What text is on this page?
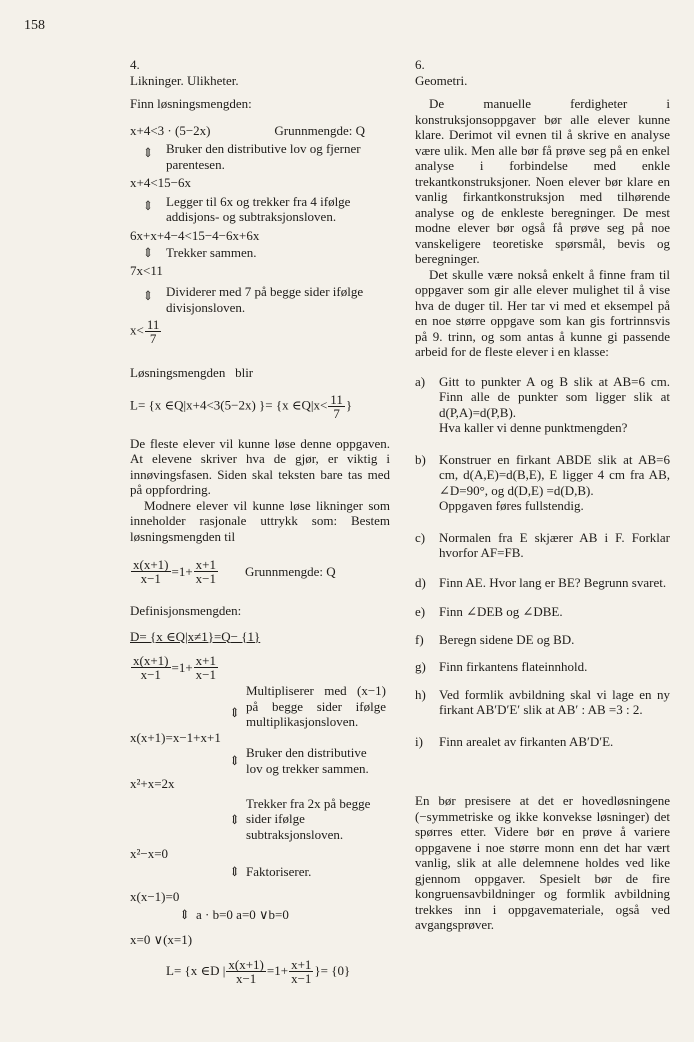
158

4.

Likninger. Ulikheter.

Finn løsningsmengden:

x+4<3 · (5−2x)	Grunnmengde: Q
⇕ Bruker den distributive lov og fjerner parentesen.
x+4<15−6x
⇕ Legger til 6x og trekker fra 4 ifølge addisjons- og subtraksjonsloven.
6x+x+4−4<15−4−6x+6x
⇕ Trekker sammen.
7x<11
⇕ Dividerer med 7 på begge sider ifølge divisjonsloven.
$x< \frac{11}{7}$

Løsningsmengden blir

L= {x ∈Q|x+4<3(5−2x) }= {x ∈Q|x< $\frac{11}{7}$ }

De fleste elever vil kunne løse denne oppgaven. At elevene skriver hva de gjør, er viktig i innøvingsfasen. Siden skal teksten bare tas med på oppfordring.

Modnere elever vil kunne løse likninger som inneholder rasjonale uttrykk som: Bestem løsningsmengden til

$\frac{x(x+1)}{x-1} =1+ \frac{x+1}{x-1}$ Grunnmengde: Q

Definisjonsmengden:

D= {x ∈Q|x≠1}=Q− {1}

$\frac{x(x+1)}{x-1} =1+ \frac{x+1}{x-1}$
⇕
Multipliserer med (x−1) på begge sider ifølge multiplikasjonsloven.
x(x+1)=x−1+x+1
⇕
Bruker den distributive lov og trekker sammen.
x²+x=2x
⇕
Trekker fra 2x på begge sider ifølge subtraksjonsloven.
x²−x=0
⇕ Faktoriserer.
x(x−1)=0
⇕ a · b=0 a=0 ∨b=0
x=0 ∨(x=1)
L= {x ∈D | $\frac{x(x+1)}{x-1} =1+ \frac{x+1}{x-1}$ }= {0}

6.

Geometri.

De manuelle ferdigheter i konstruksjonsoppgaver bør alle elever kunne klare. Derimot vil evnen til å skrive en analyse være ulik. Men alle bør få prøve seg på en enkel analyse i forbindelse med enkle trekantkonstruksjoner. Noen elever bør klare en vanlig firkantkonstruksjon med tilhørende analyse og de enkleste beregninger. De mest modne elever bør også få prøve seg på noe vanskeligere teoretiske spørsmål, bevis og beregninger.

Det skulle være nokså enkelt å finne fram til oppgaver som gir alle elever mulighet til å vise hva de duger til. Her tar vi med et eksempel på en noe større oppgave som kan gis fortrinnsvis på 9. trinn, og som antas å kunne gi passende arbeid for de fleste elever i en klasse:

a)	Gitt to punkter A og B slik at AB=6 cm. Finn alle de punkter som ligger slik at d(P,A)=d(P,B).
Hva kaller vi denne punktmengden?
b)	Konstruer en firkant ABDE slik at AB=6 cm, d(A,E)=d(B,E), E ligger 4 cm fra AB, ∠D=90°, og d(D,E) =d(D,B).
Oppgaven føres fullstendig.
c)	Normalen fra E skjærer AB i F. Forklar hvorfor AF=FB.
d)	Finn AE. Hvor lang er BE? Begrunn svaret.
e)	Finn ∠DEB og ∠DBE.
f)	Beregn sidene DE og BD.
g)	Finn firkantens flateinnhold.
h)	Ved formlik avbildning skal vi lage en ny firkant AB′D′E′ slik at AB′ : AB =3 : 2.
i)	Finn arealet av firkanten AB′D′E.

En bør presisere at det er hovedløsningene (−symmetriske og ikke konvekse løsninger) det spørres etter. Videre bør en prøve å variere oppgavene i noe større monn enn det har vært vanlig, slik at alle delemnene holdes ved like gjennom oppgaver. Spesielt bør de fire kongruensavbildninger og formlik avbildning trekkes inn i oppgavemateriale, også ved avgangsprøver.
